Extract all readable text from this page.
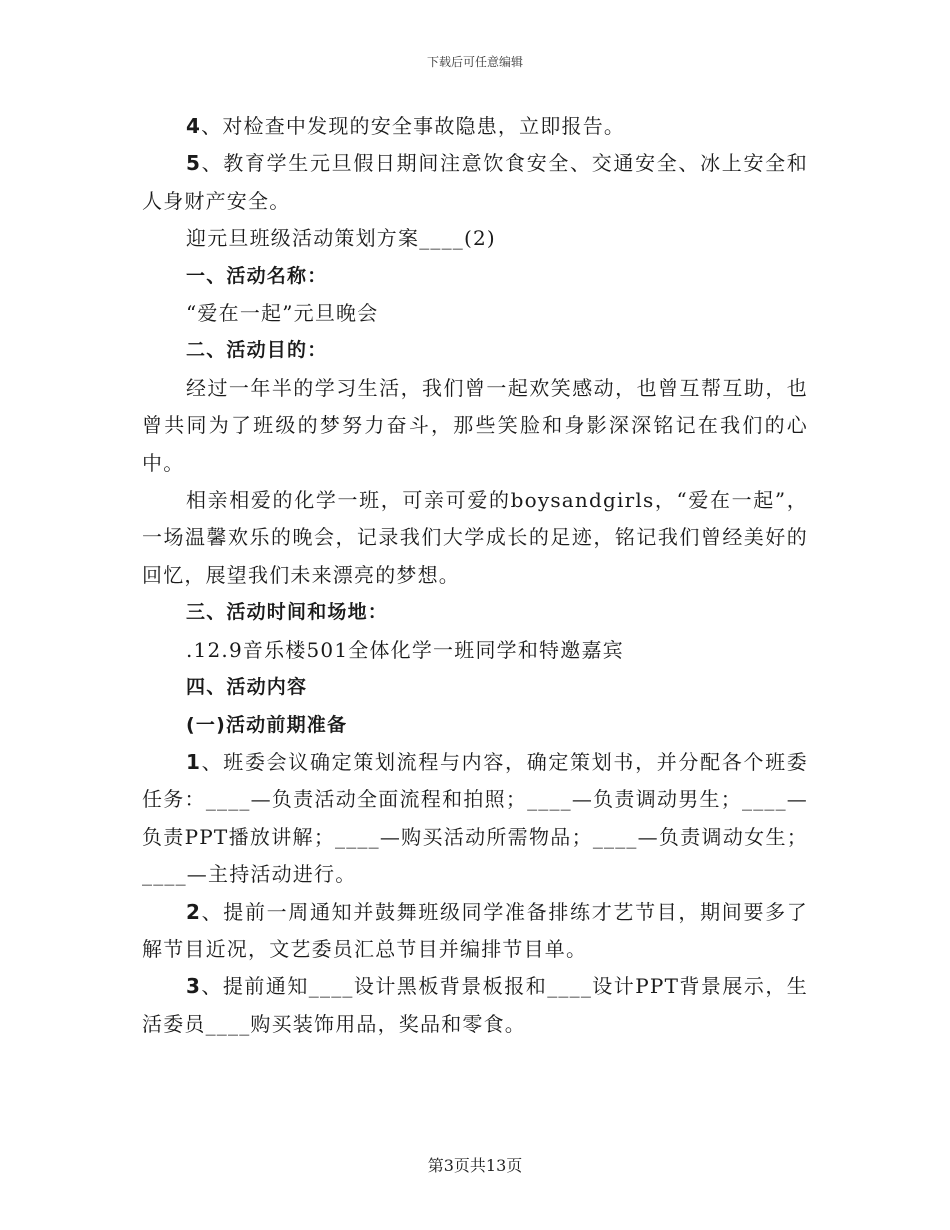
下载后可任意编辑

4、对检查中发现的安全事故隐患，立即报告。

5、教育学生元旦假日期间注意饮食安全、交通安全、冰上安全和人身财产安全。

迎元旦班级活动策划方案____(2)

一、活动名称：

“爱在一起”元旦晚会

二、活动目的：

经过一年半的学习生活，我们曾一起欢笑感动，也曾互帮互助，也曾共同为了班级的梦努力奋斗，那些笑脸和身影深深铭记在我们的心中。

相亲相爱的化学一班，可亲可爱的boysandgirls，“爱在一起”，一场温馨欢乐的晚会，记录我们大学成长的足迹，铭记我们曾经美好的回忆，展望我们未来漂亮的梦想。

三、活动时间和场地：

.12.9音乐楼501全体化学一班同学和特邀嘉宾

四、活动内容

(一)活动前期准备

1、班委会议确定策划流程与内容，确定策划书，并分配各个班委任务：____—负责活动全面流程和拍照；____—负责调动男生；____—负责PPT播放讲解；____—购买活动所需物品；____—负责调动女生；____—主持活动进行。

2、提前一周通知并鼓舞班级同学准备排练才艺节目，期间要多了解节目近况，文艺委员汇总节目并编排节目单。

3、提前通知____设计黑板背景板报和____设计PPT背景展示，生活委员____购买装饰用品，奖品和零食。

第3页共13页
